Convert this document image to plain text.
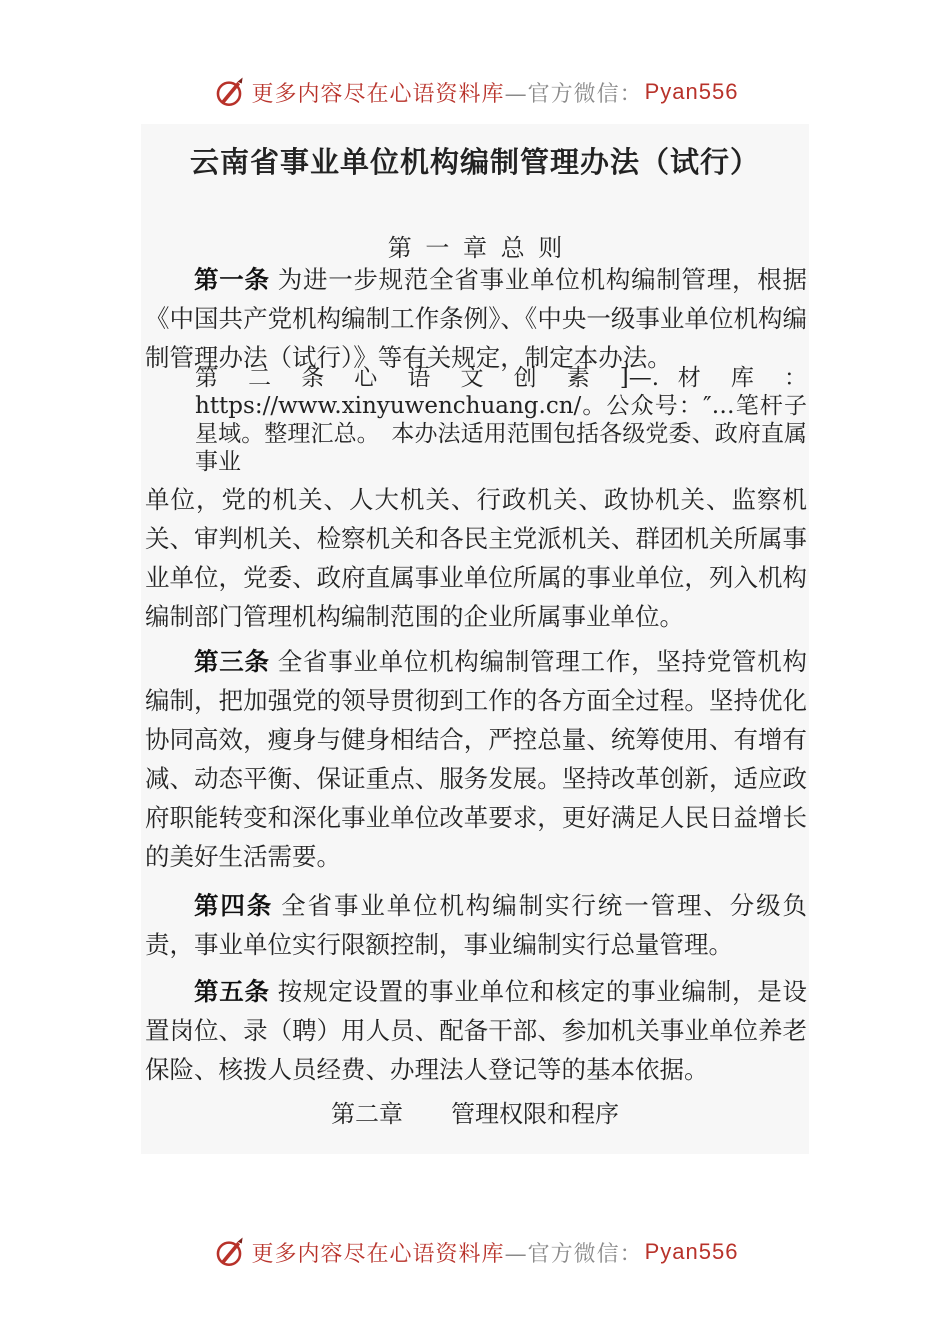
更多内容尽在心语资料库 —官方微信： Pyan556
云南省事业单位机构编制管理办法（试行）
第 一 章 总 则

第一条 为进一步规范全省事业单位机构编制管理，根据《中国共产党机构编制工作条例》、《中央一级事业单位机构编制管理办法（试行）》等有关规定，制定本办法。

第 二 条 心 语 文 创 素 ]—. 材 库 ： https://www.xinyuwenchuang.cn/。公众号：″…笔杆子星域。整理汇总。　本办法适用范围包括各级党委、政府直属事业

单位，党的机关、人大机关、行政机关、政协机关、监察机关、审判机关、检察机关和各民主党派机关、群团机关所属事业单位，党委、政府直属事业单位所属的事业单位，列入机构编制部门管理机构编制范围的企业所属事业单位。

第三条 全省事业单位机构编制管理工作，坚持党管机构编制，把加强党的领导贯彻到工作的各方面全过程。坚持优化协同高效，瘦身与健身相结合，严控总量、统筹使用、有增有减、动态平衡、保证重点、服务发展。坚持改革创新，适应政府职能转变和深化事业单位改革要求，更好满足人民日益增长的美好生活需要。

第四条 全省事业单位机构编制实行统一管理、分级负责，事业单位实行限额控制，事业编制实行总量管理。

第五条 按规定设置的事业单位和核定的事业编制，是设置岗位、录（聘）用人员、配备干部、参加机关事业单位养老保险、核拨人员经费、办理法人登记等的基本依据。

第二章　　管理权限和程序
更多内容尽在心语资料库 —官方微信： Pyan556
